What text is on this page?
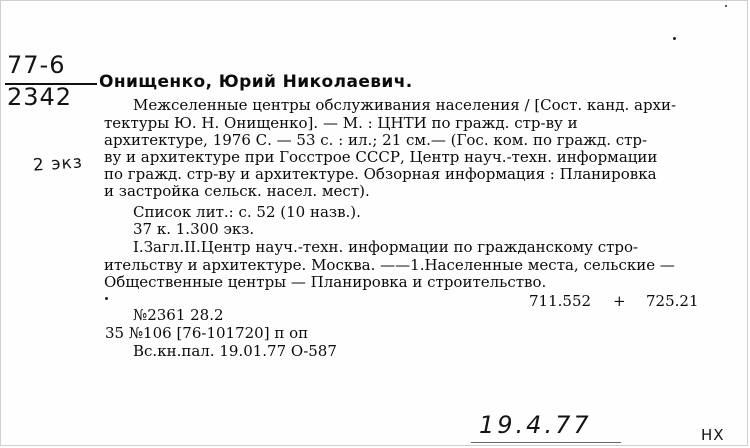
77-6
2342
2 экз
Онищенко, Юрий Николаевич.
Межселенные центры обслуживания населения / [Сост. канд. архи-
тектуры Ю. Н. Онищенко]. — М. : ЦНТИ по гражд. стр-ву и
архитектуре, 1976 С. — 53 с. : ил.; 21 см.— (Гос. ком. по гражд. стр-
ву и архитектуре при Госстрое СССР, Центр науч.-техн. информации
по гражд. стр-ву и архитектуре. Обзорная информация : Планировка
и застройка сельск. насел. мест).
Список лит.: с. 52 (10 назв.).
37 к. 1.300 экз.
I.Загл.II.Центр науч.-техн. информации по гражданскому стро-
ительству и архитектуре. Москва. ——1.Населенные места, сельские —
Общественные центры — Планировка и строительство.
711.552 + 725.21
№2361 28.2
35 №106 [76-101720] п оп
Вс.кн.пал. 19.01.77 О-587
19.4.77	НХ
